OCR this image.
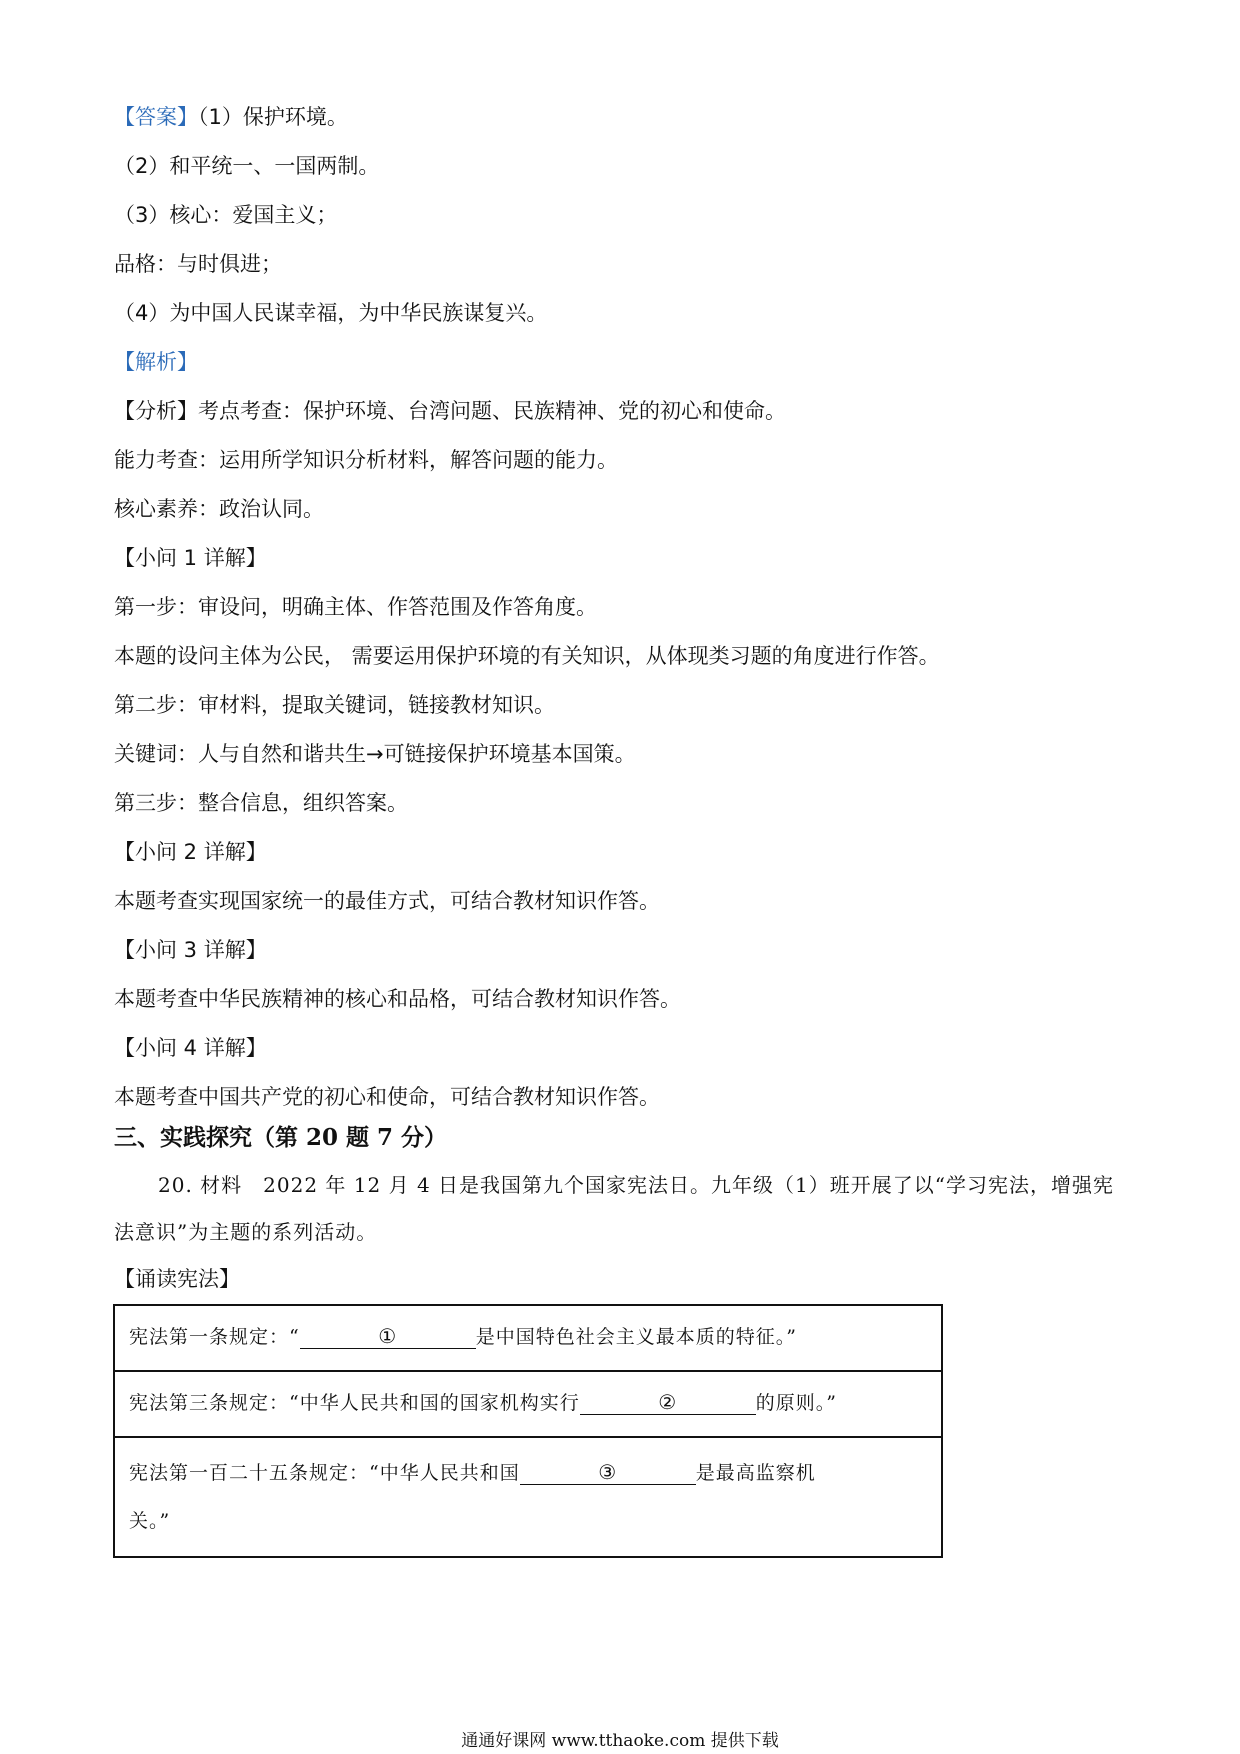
【答案】（1）保护环境。
（2）和平统一、一国两制。
（3）核心：爱国主义；
品格：与时俱进；
（4）为中国人民谋幸福，为中华民族谋复兴。
【解析】
【分析】考点考查：保护环境、台湾问题、民族精神、党的初心和使命。
能力考查：运用所学知识分析材料，解答问题的能力。
核心素养：政治认同。
【小问 1 详解】
第一步：审设问，明确主体、作答范围及作答角度。
本题的设问主体为公民， 需要运用保护环境的有关知识，从体现类习题的角度进行作答。
第二步：审材料，提取关键词，链接教材知识。
关键词：人与自然和谐共生→可链接保护环境基本国策。
第三步：整合信息，组织答案。
【小问 2 详解】
本题考查实现国家统一的最佳方式，可结合教材知识作答。
【小问 3 详解】
本题考查中华民族精神的核心和品格，可结合教材知识作答。
【小问 4 详解】
本题考查中国共产党的初心和使命，可结合教材知识作答。
三、实践探究（第 20 题 7 分）
20. 材料　2022 年 12 月 4 日是我国第九个国家宪法日。九年级（1）班开展了以“学习宪法，增强宪
法意识”为主题的系列活动。
【诵读宪法】
宪法第一条规定：“	①	是中国特色社会主义最本质的特征。”

宪法第三条规定：“中华人民共和国的国家机构实行	②	的原则。”

宪法第一百二十五条规定：“中华人民共和国	③	是最高监察机
关。”
通通好课网 www.tthaoke.com 提供下载
